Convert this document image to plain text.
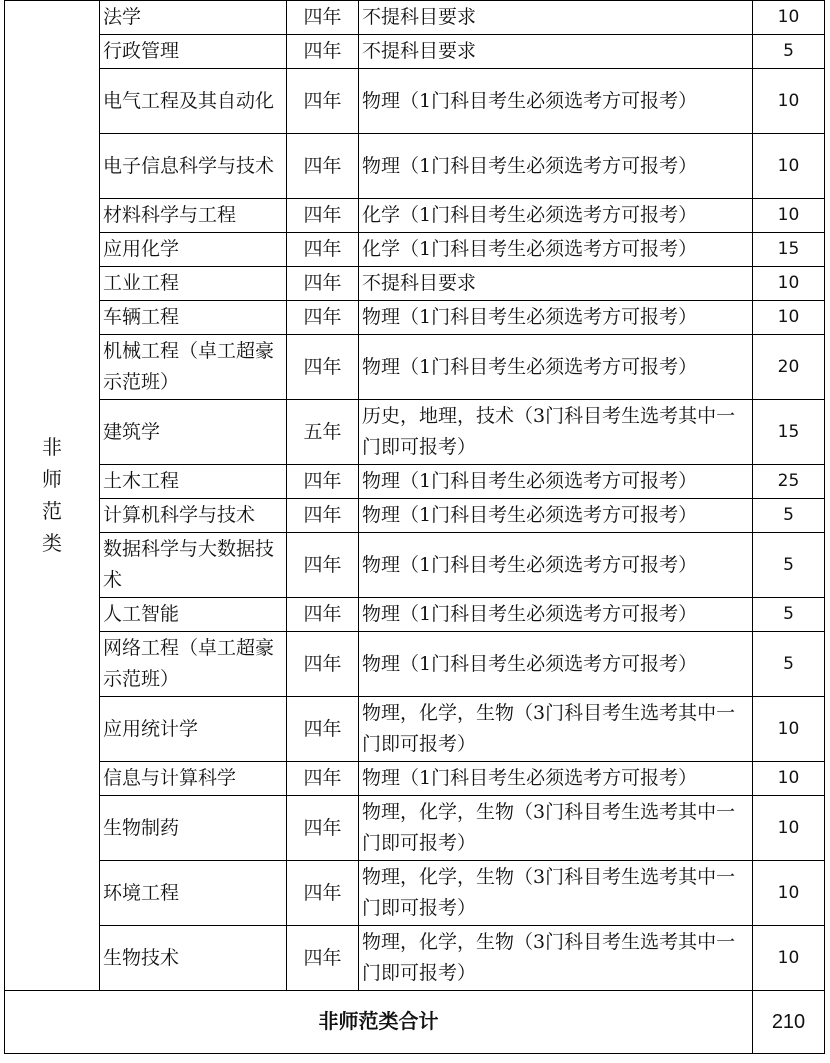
非师范类	法学	四年	不提科目要求	10
	行政管理	四年	不提科目要求	5
	电气工程及其自动化	四年	物理（1门科目考生必须选考方可报考）	10
	电子信息科学与技术	四年	物理（1门科目考生必须选考方可报考）	10
	材料科学与工程	四年	化学（1门科目考生必须选考方可报考）	10
	应用化学	四年	化学（1门科目考生必须选考方可报考）	15
	工业工程	四年	不提科目要求	10
	车辆工程	四年	物理（1门科目考生必须选考方可报考）	10
	机械工程（卓工超豪示范班）	四年	物理（1门科目考生必须选考方可报考）	20
	建筑学	五年	历史，地理，技术（3门科目考生选考其中一门即可报考）	15
	土木工程	四年	物理（1门科目考生必须选考方可报考）	25
	计算机科学与技术	四年	物理（1门科目考生必须选考方可报考）	5
	数据科学与大数据技术	四年	物理（1门科目考生必须选考方可报考）	5
	人工智能	四年	物理（1门科目考生必须选考方可报考）	5
	网络工程（卓工超豪示范班）	四年	物理（1门科目考生必须选考方可报考）	5
	应用统计学	四年	物理，化学，生物（3门科目考生选考其中一门即可报考）	10
	信息与计算科学	四年	物理（1门科目考生必须选考方可报考）	10
	生物制药	四年	物理，化学，生物（3门科目考生选考其中一门即可报考）	10
	环境工程	四年	物理，化学，生物（3门科目考生选考其中一门即可报考）	10
	生物技术	四年	物理，化学，生物（3门科目考生选考其中一门即可报考）	10
非师范类合计				210
